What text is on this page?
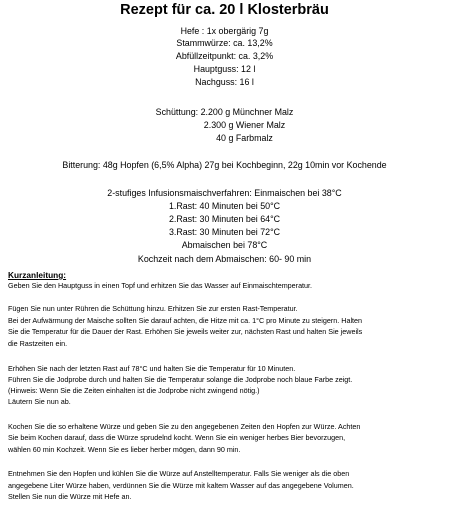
Rezept für ca. 20 l Klosterbräu
Hefe : 1x obergärig 7g
Stammwürze: ca. 13,2%
Abfüllzeitpunkt: ca. 3,2%
Hauptguss: 12 l
Nachguss: 16 l
Schüttung: 2.200 g Münchner Malz
2.300 g Wiener Malz
40 g Farbmalz
Bitterung: 48g Hopfen (6,5% Alpha) 27g bei Kochbeginn, 22g 10min vor Kochende
2-stufiges Infusionsmaischverfahren: Einmaischen bei 38°C
1.Rast: 40 Minuten bei 50°C
2.Rast: 30 Minuten bei 64°C
3.Rast: 30 Minuten bei 72°C
Abmaischen bei 78°C
Kochzeit nach dem Abmaischen: 60- 90 min
Kurzanleitung:
Geben Sie den Hauptguss in einen Topf und erhitzen Sie das Wasser auf Einmaischtemperatur.
Fügen Sie nun unter Rühren die Schüttung hinzu. Erhitzen Sie zur ersten Rast-Temperatur.
Bei der Aufwärmung der Maische sollten Sie darauf achten, die Hitze mit ca. 1°C pro Minute zu steigern. Halten
Sie die Temperatur für die Dauer der Rast. Erhöhen Sie jeweils weiter zur, nächsten Rast und halten Sie jeweils
die Rastzeiten ein.
Erhöhen Sie nach der letzten Rast auf 78°C und halten Sie die Temperatur für 10 Minuten.
Führen Sie die Jodprobe durch und halten Sie die Temperatur solange die Jodprobe noch blaue Farbe zeigt.
(Hinweis: Wenn Sie die Zeiten einhalten ist die Jodprobe nicht zwingend nötig.)
Läutern Sie nun ab.
Kochen Sie die so erhaltene Würze und geben Sie zu den angegebenen Zeiten den Hopfen zur Würze. Achten
Sie beim Kochen darauf, dass die Würze sprudelnd kocht. Wenn Sie ein weniger herbes Bier bevorzugen,
wählen 60 min Kochzeit. Wenn Sie es lieber herber mögen, dann 90 min.
Entnehmen Sie den Hopfen und kühlen Sie die Würze auf Anstelltemperatur. Falls Sie weniger als die oben
angegebene Liter Würze haben, verdünnen Sie die Würze mit kaltem Wasser auf das angegebene Volumen.
Stellen Sie nun die Würze mit Hefe an.
